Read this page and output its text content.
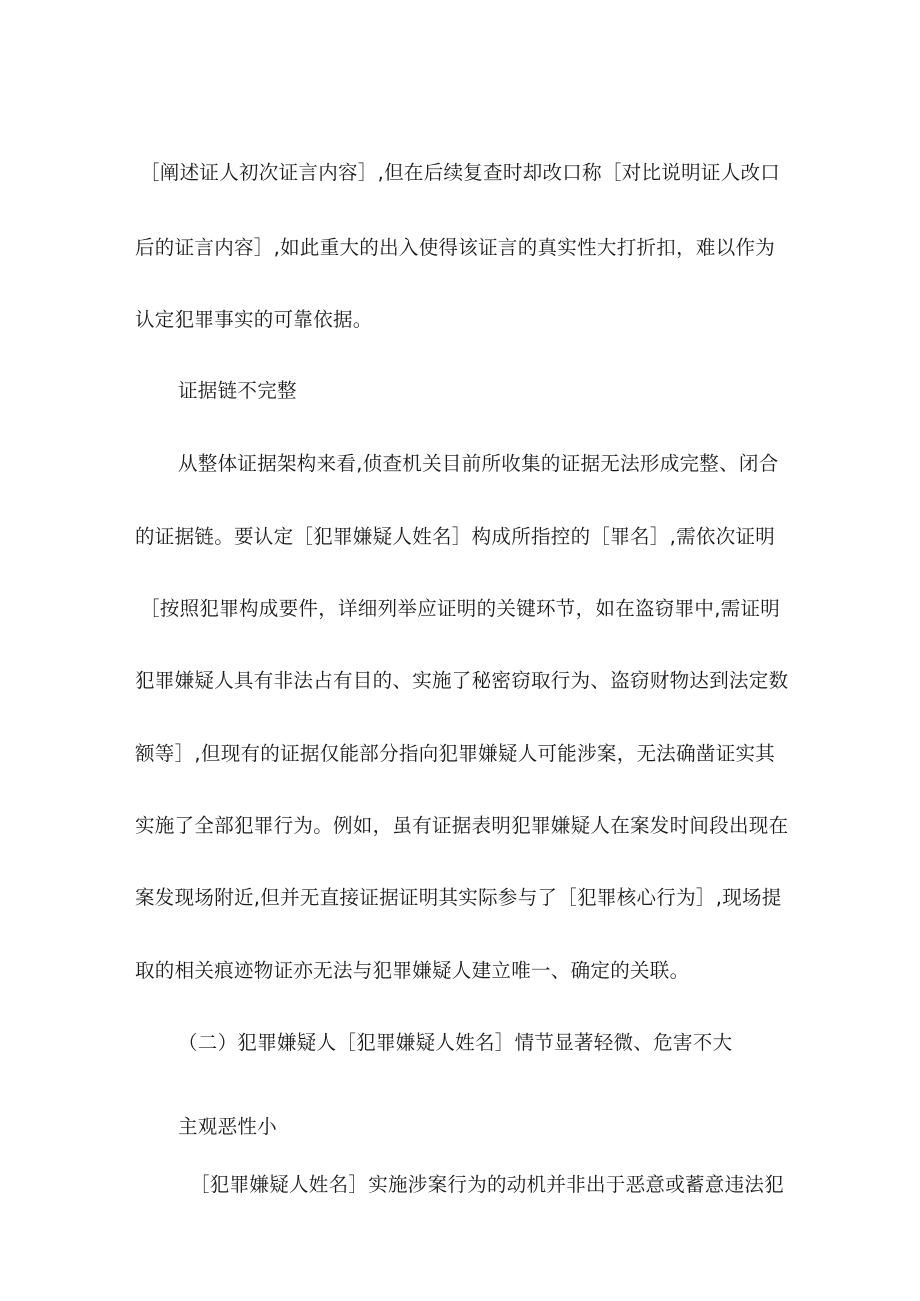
［阐述证人初次证言内容］,但在后续复查时却改口称［对比说明证人改口
后的证言内容］,如此重大的出入使得该证言的真实性大打折扣，难以作为
认定犯罪事实的可靠依据。
证据链不完整
从整体证据架构来看,侦查机关目前所收集的证据无法形成完整、闭合
的证据链。要认定［犯罪嫌疑人姓名］构成所指控的［罪名］,需依次证明
［按照犯罪构成要件，详细列举应证明的关键环节，如在盗窃罪中,需证明
犯罪嫌疑人具有非法占有目的、实施了秘密窃取行为、盗窃财物达到法定数
额等］,但现有的证据仅能部分指向犯罪嫌疑人可能涉案，无法确凿证实其
实施了全部犯罪行为。例如，虽有证据表明犯罪嫌疑人在案发时间段出现在
案发现场附近,但并无直接证据证明其实际参与了［犯罪核心行为］,现场提
取的相关痕迹物证亦无法与犯罪嫌疑人建立唯一、确定的关联。
（二）犯罪嫌疑人［犯罪嫌疑人姓名］情节显著轻微、危害不大
主观恶性小
［犯罪嫌疑人姓名］实施涉案行为的动机并非出于恶意或蓄意违法犯
